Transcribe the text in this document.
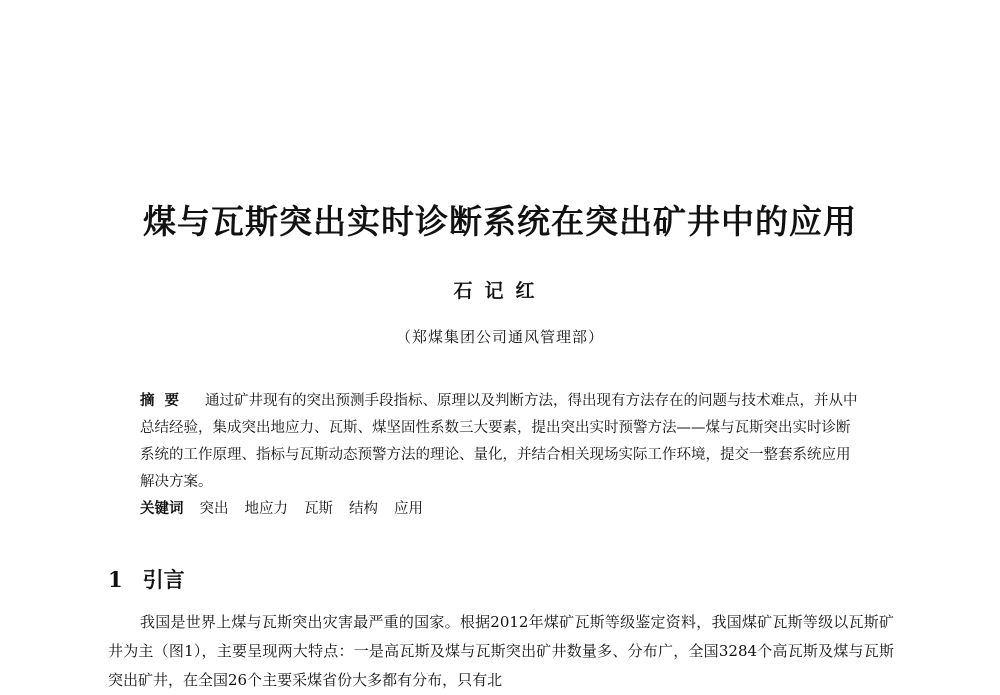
煤与瓦斯突出实时诊断系统在突出矿井中的应用

石记红

（郑煤集团公司通风管理部）

摘要 通过矿井现有的突出预测手段指标、原理以及判断方法，得出现有方法存在的问题与技术难点，并从中总结经验，集成突出地应力、瓦斯、煤坚固性系数三大要素，提出突出实时预警方法——煤与瓦斯突出实时诊断系统的工作原理、指标与瓦斯动态预警方法的理论、量化，并结合相关现场实际工作环境，提交一整套系统应用解决方案。

关键词 突出 地应力 瓦斯 结构 应用

1 引言

我国是世界上煤与瓦斯突出灾害最严重的国家。根据2012年煤矿瓦斯等级鉴定资料，我国煤矿瓦斯等级以瓦斯矿井为主（图1），主要呈现两大特点：一是高瓦斯及煤与瓦斯突出矿井数量多、分布广，全国3284个高瓦斯及煤与瓦斯突出矿井，在全国26个主要采煤省份大多都有分布，只有北
